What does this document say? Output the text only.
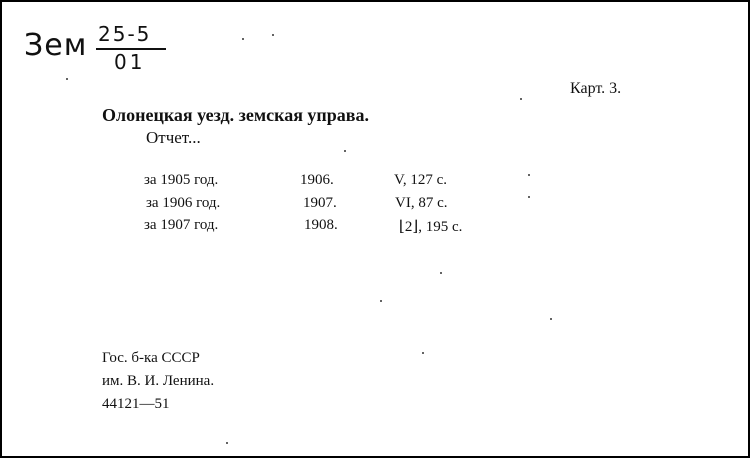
Зем 25-5
01
Карт. 3.
Олонецкая уезд. земская управа.
Отчет...
за 1905 год.	1906.	V, 127 с.
за 1906 год.	1907.	VI, 87 с.
за 1907 год.	1908.	⌊2⌋, 195 с.
Гос. б-ка СССР
им. В. И. Ленина.
44121—51
